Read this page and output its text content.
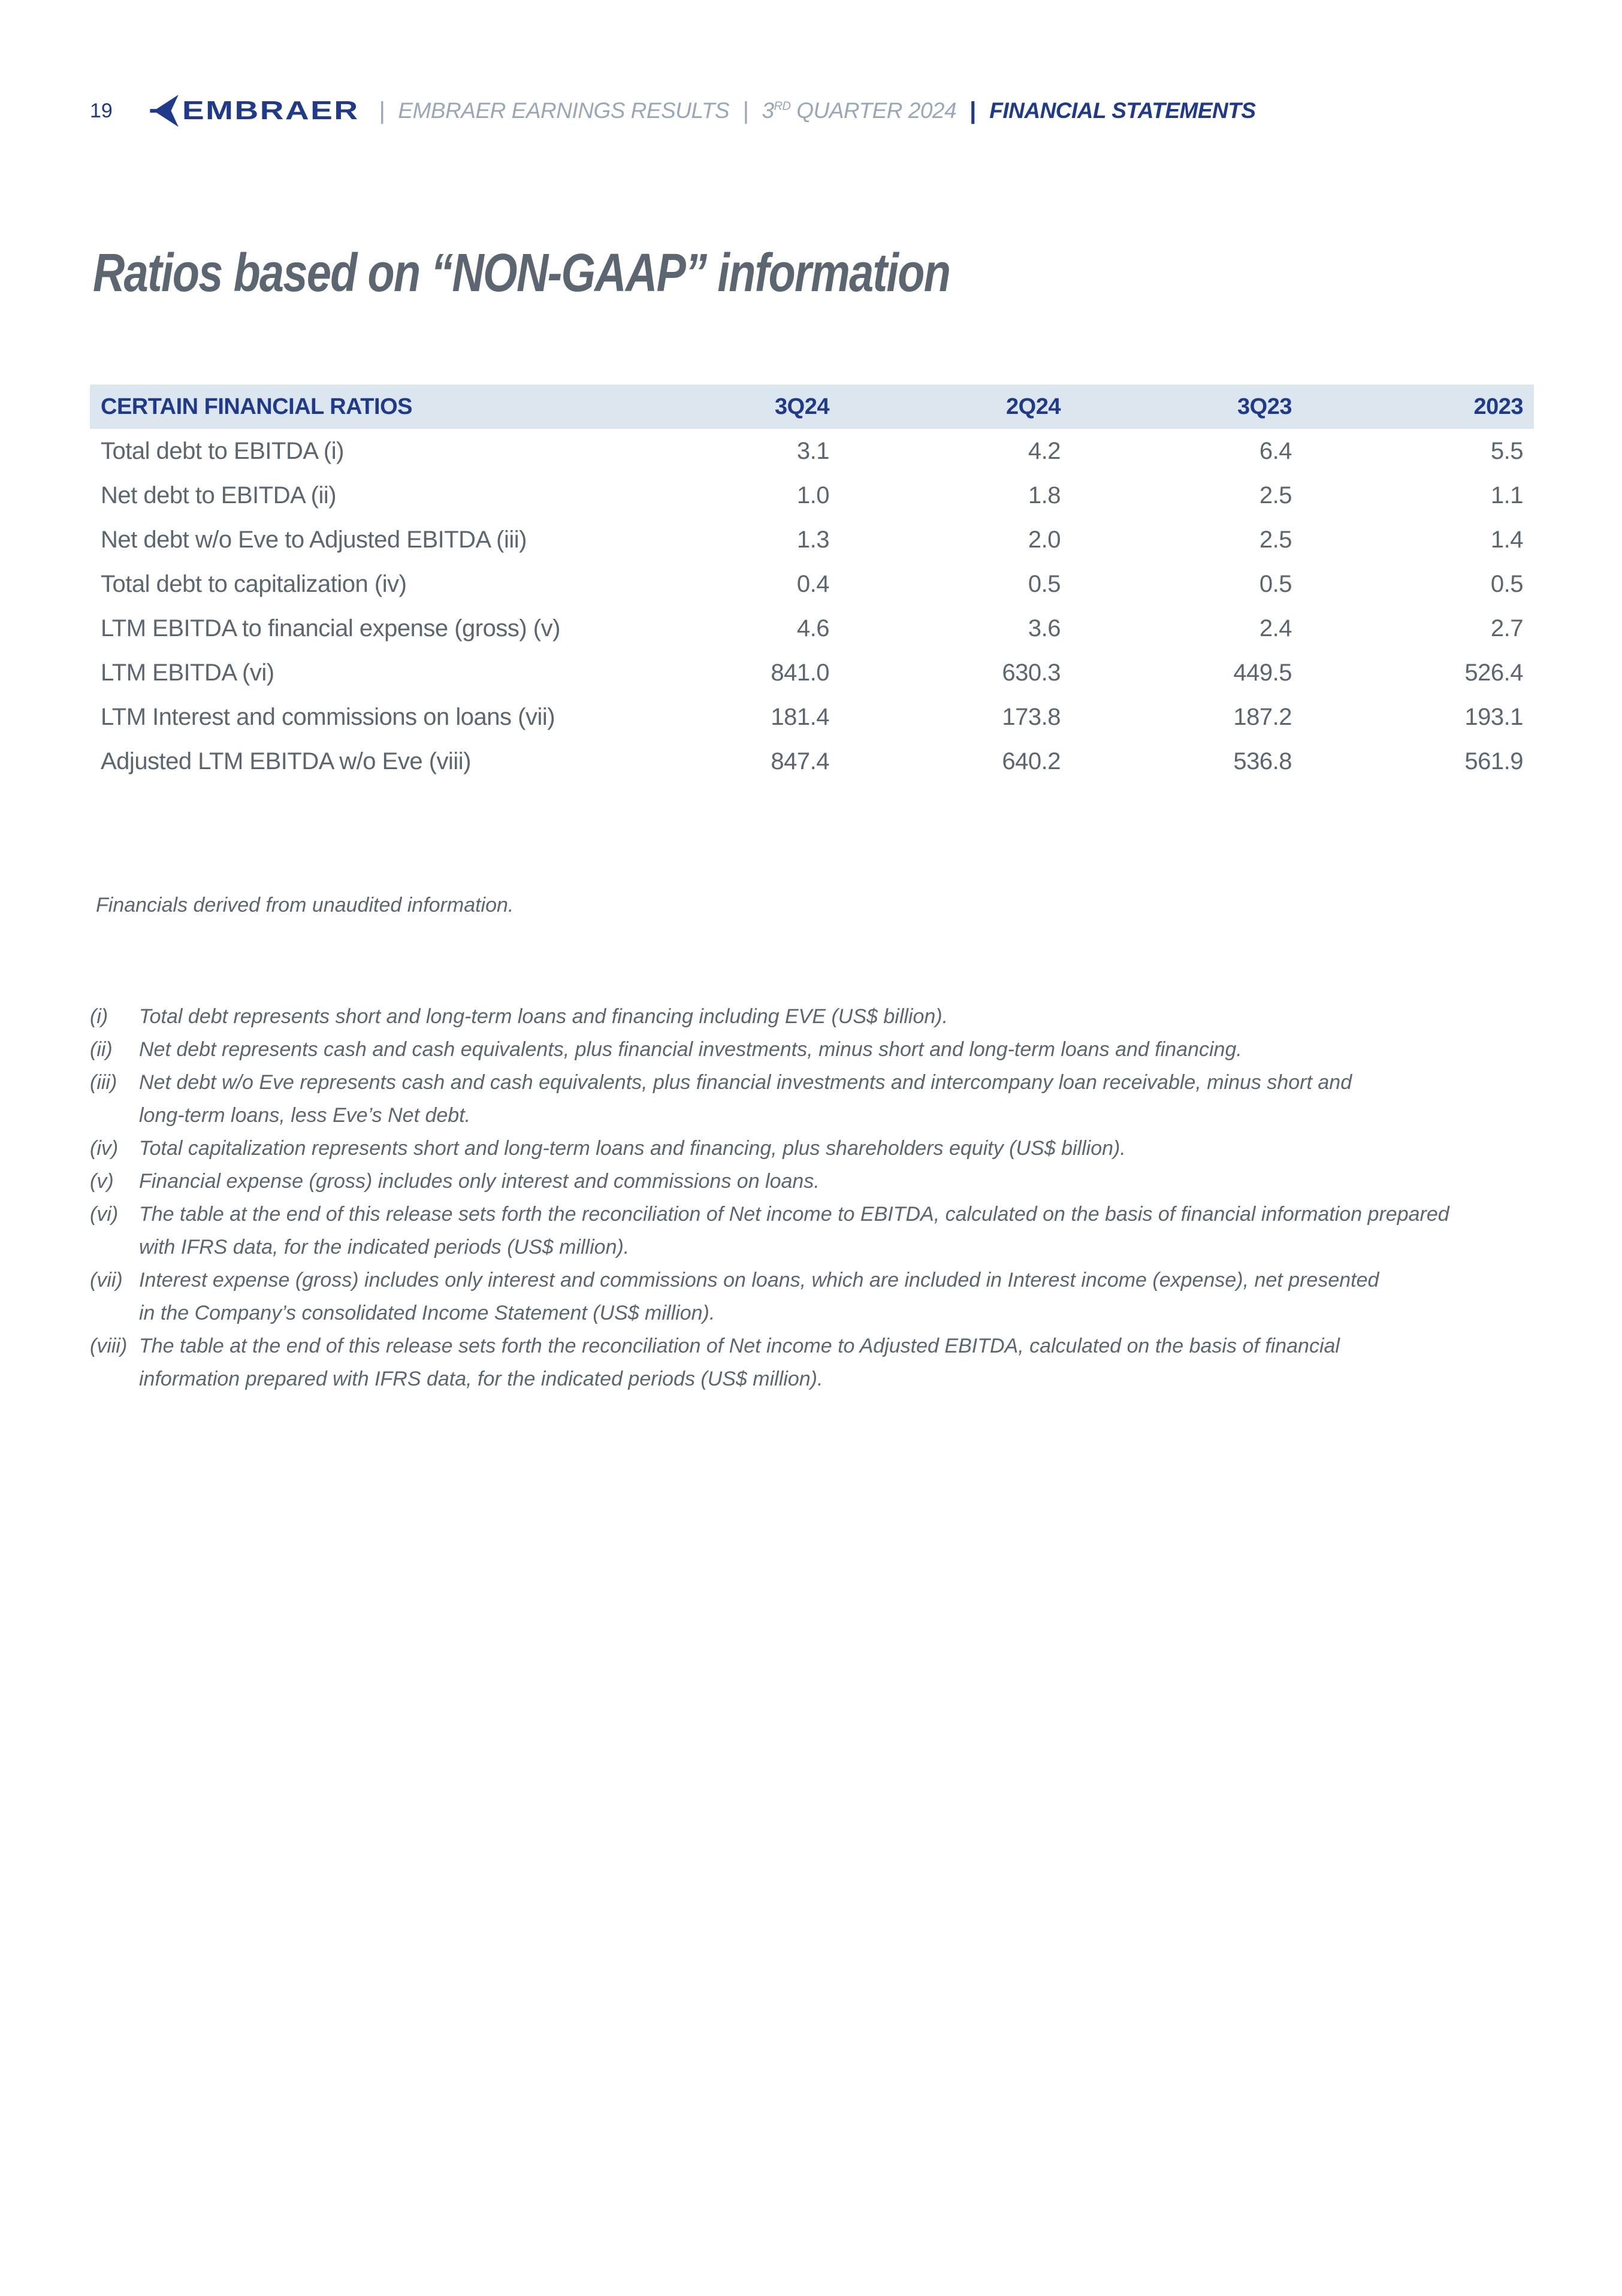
19	EMBRAER | EMBRAER EARNINGS RESULTS | 3RD QUARTER 2024 | FINANCIAL STATEMENTS
Ratios based on “NON-GAAP” information
CERTAIN FINANCIAL RATIOS	3Q24	2Q24	3Q23	2023
Total debt to EBITDA (i)	3.1	4.2	6.4	5.5
Net debt to EBITDA (ii)	1.0	1.8	2.5	1.1
Net debt w/o Eve to Adjusted EBITDA (iii)	1.3	2.0	2.5	1.4
Total debt to capitalization (iv)	0.4	0.5	0.5	0.5
LTM EBITDA to financial expense (gross) (v)	4.6	3.6	2.4	2.7
LTM EBITDA (vi)	841.0	630.3	449.5	526.4
LTM Interest and commissions on loans (vii)	181.4	173.8	187.2	193.1
Adjusted LTM EBITDA w/o Eve (viii)	847.4	640.2	536.8	561.9
Financials derived from unaudited information.
(i)	Total debt represents short and long-term loans and financing including EVE (US$ billion).
(ii)	Net debt represents cash and cash equivalents, plus financial investments, minus short and long-term loans and financing.
(iii)	Net debt w/o Eve represents cash and cash equivalents, plus financial investments and intercompany loan receivable, minus short and
long-term loans, less Eve’s Net debt.
(iv)	Total capitalization represents short and long-term loans and financing, plus shareholders equity (US$ billion).
(v)	Financial expense (gross) includes only interest and commissions on loans.
(vi)	The table at the end of this release sets forth the reconciliation of Net income to EBITDA, calculated on the basis of financial information prepared
with IFRS data, for the indicated periods (US$ million).
(vii) Interest expense (gross) includes only interest and commissions on loans, which are included in Interest income (expense), net presented
in the Company’s consolidated Income Statement (US$ million).
(viii) The table at the end of this release sets forth the reconciliation of Net income to Adjusted EBITDA, calculated on the basis of financial
information prepared with IFRS data, for the indicated periods (US$ million).
